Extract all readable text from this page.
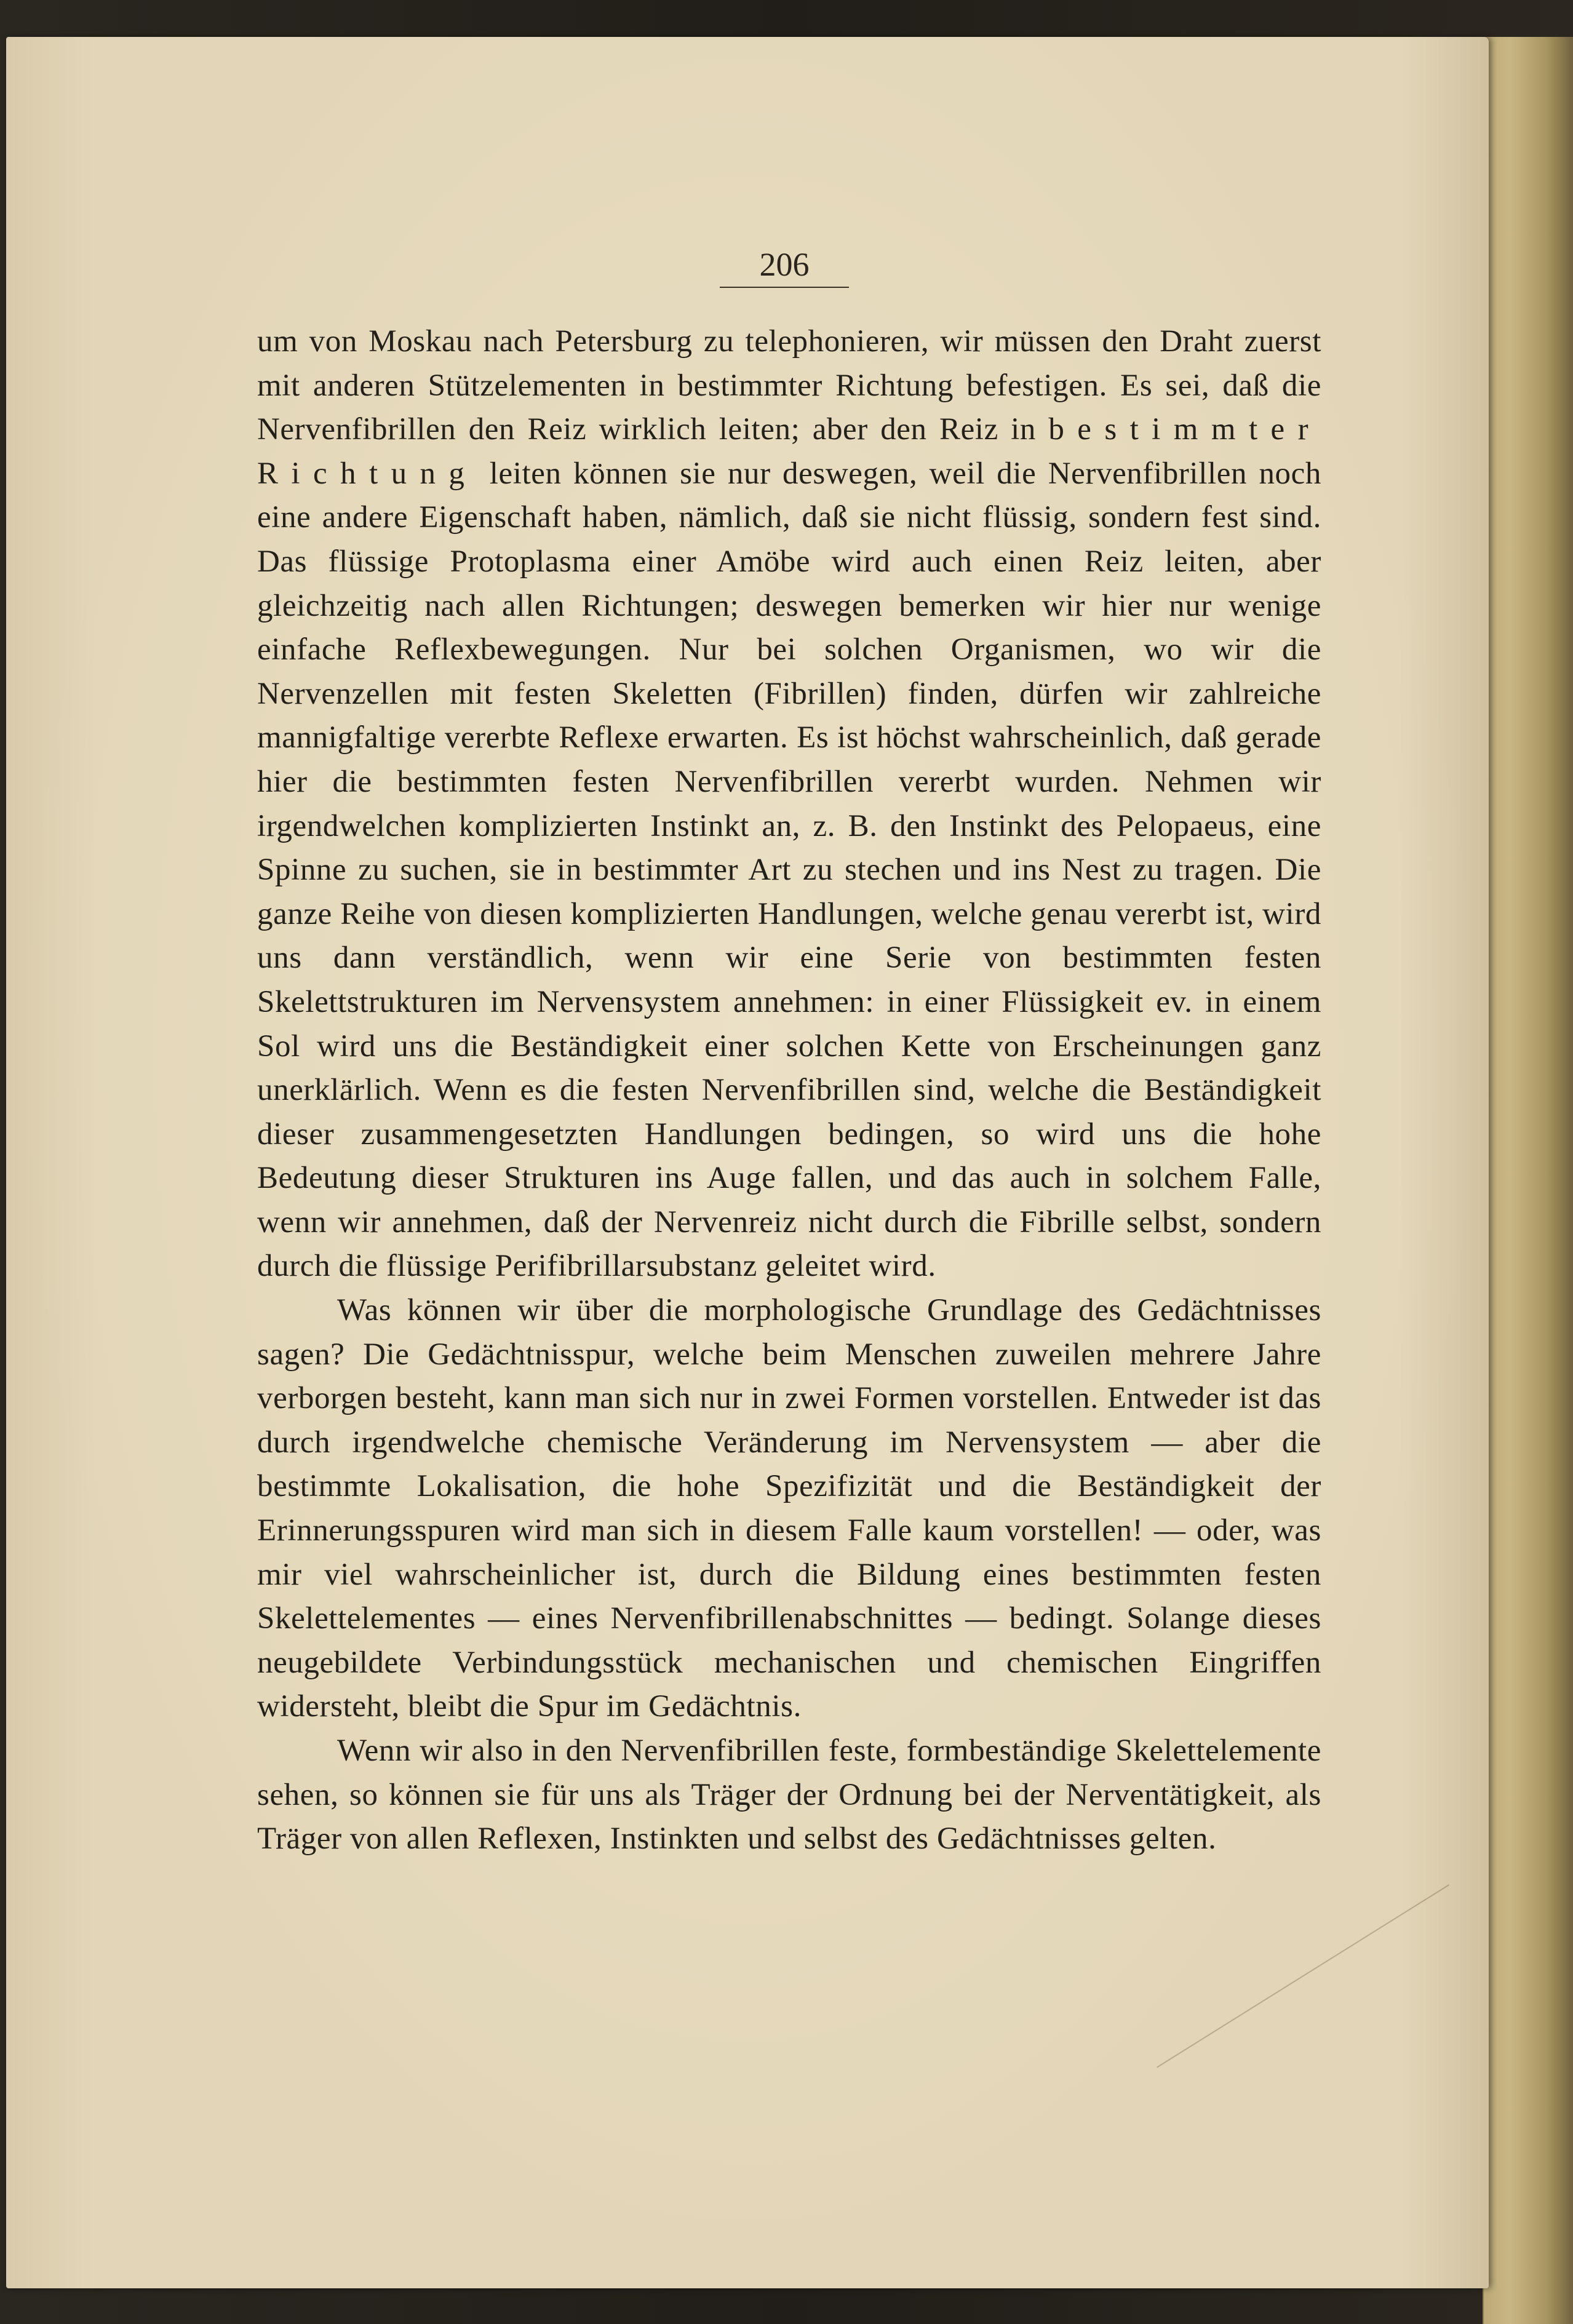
206

um von Moskau nach Petersburg zu telephonieren, wir müssen den Draht zuerst mit anderen Stützelementen in bestimmter Richtung befestigen. Es sei, daß die Nervenfibrillen den Reiz wirklich leiten; aber den Reiz in bestimmter Richtung leiten können sie nur deswegen, weil die Nervenfibrillen noch eine andere Eigenschaft haben, nämlich, daß sie nicht flüssig, sondern fest sind. Das flüssige Protoplasma einer Amöbe wird auch einen Reiz leiten, aber gleichzeitig nach allen Richtungen; deswegen bemerken wir hier nur wenige einfache Reflexbewegungen. Nur bei solchen Organismen, wo wir die Nervenzellen mit festen Skeletten (Fibrillen) finden, dürfen wir zahlreiche mannigfaltige vererbte Reflexe erwarten. Es ist höchst wahrscheinlich, daß gerade hier die bestimmten festen Nervenfibrillen vererbt wurden. Nehmen wir irgendwelchen komplizierten Instinkt an, z. B. den Instinkt des Pelopaeus, eine Spinne zu suchen, sie in bestimmter Art zu stechen und ins Nest zu tragen. Die ganze Reihe von diesen komplizierten Handlungen, welche genau vererbt ist, wird uns dann verständlich, wenn wir eine Serie von bestimmten festen Skelettstrukturen im Nervensystem annehmen: in einer Flüssigkeit ev. in einem Sol wird uns die Beständigkeit einer solchen Kette von Erscheinungen ganz unerklärlich. Wenn es die festen Nervenfibrillen sind, welche die Beständigkeit dieser zusammengesetzten Handlungen bedingen, so wird uns die hohe Bedeutung dieser Strukturen ins Auge fallen, und das auch in solchem Falle, wenn wir annehmen, daß der Nervenreiz nicht durch die Fibrille selbst, sondern durch die flüssige Perifibrillarsubstanz geleitet wird.

Was können wir über die morphologische Grundlage des Gedächtnisses sagen? Die Gedächtnisspur, welche beim Menschen zuweilen mehrere Jahre verborgen besteht, kann man sich nur in zwei Formen vorstellen. Entweder ist das durch irgendwelche chemische Veränderung im Nervensystem — aber die bestimmte Lokalisation, die hohe Spezifizität und die Beständigkeit der Erinnerungsspuren wird man sich in diesem Falle kaum vorstellen! — oder, was mir viel wahrscheinlicher ist, durch die Bildung eines bestimmten festen Skelettelementes — eines Nervenfibrillenabschnittes — bedingt. Solange dieses neugebildete Verbindungsstück mechanischen und chemischen Eingriffen widersteht, bleibt die Spur im Gedächtnis.

Wenn wir also in den Nervenfibrillen feste, formbeständige Skelettelemente sehen, so können sie für uns als Träger der Ordnung bei der Nerventätigkeit, als Träger von allen Reflexen, Instinkten und selbst des Gedächtnisses gelten.
